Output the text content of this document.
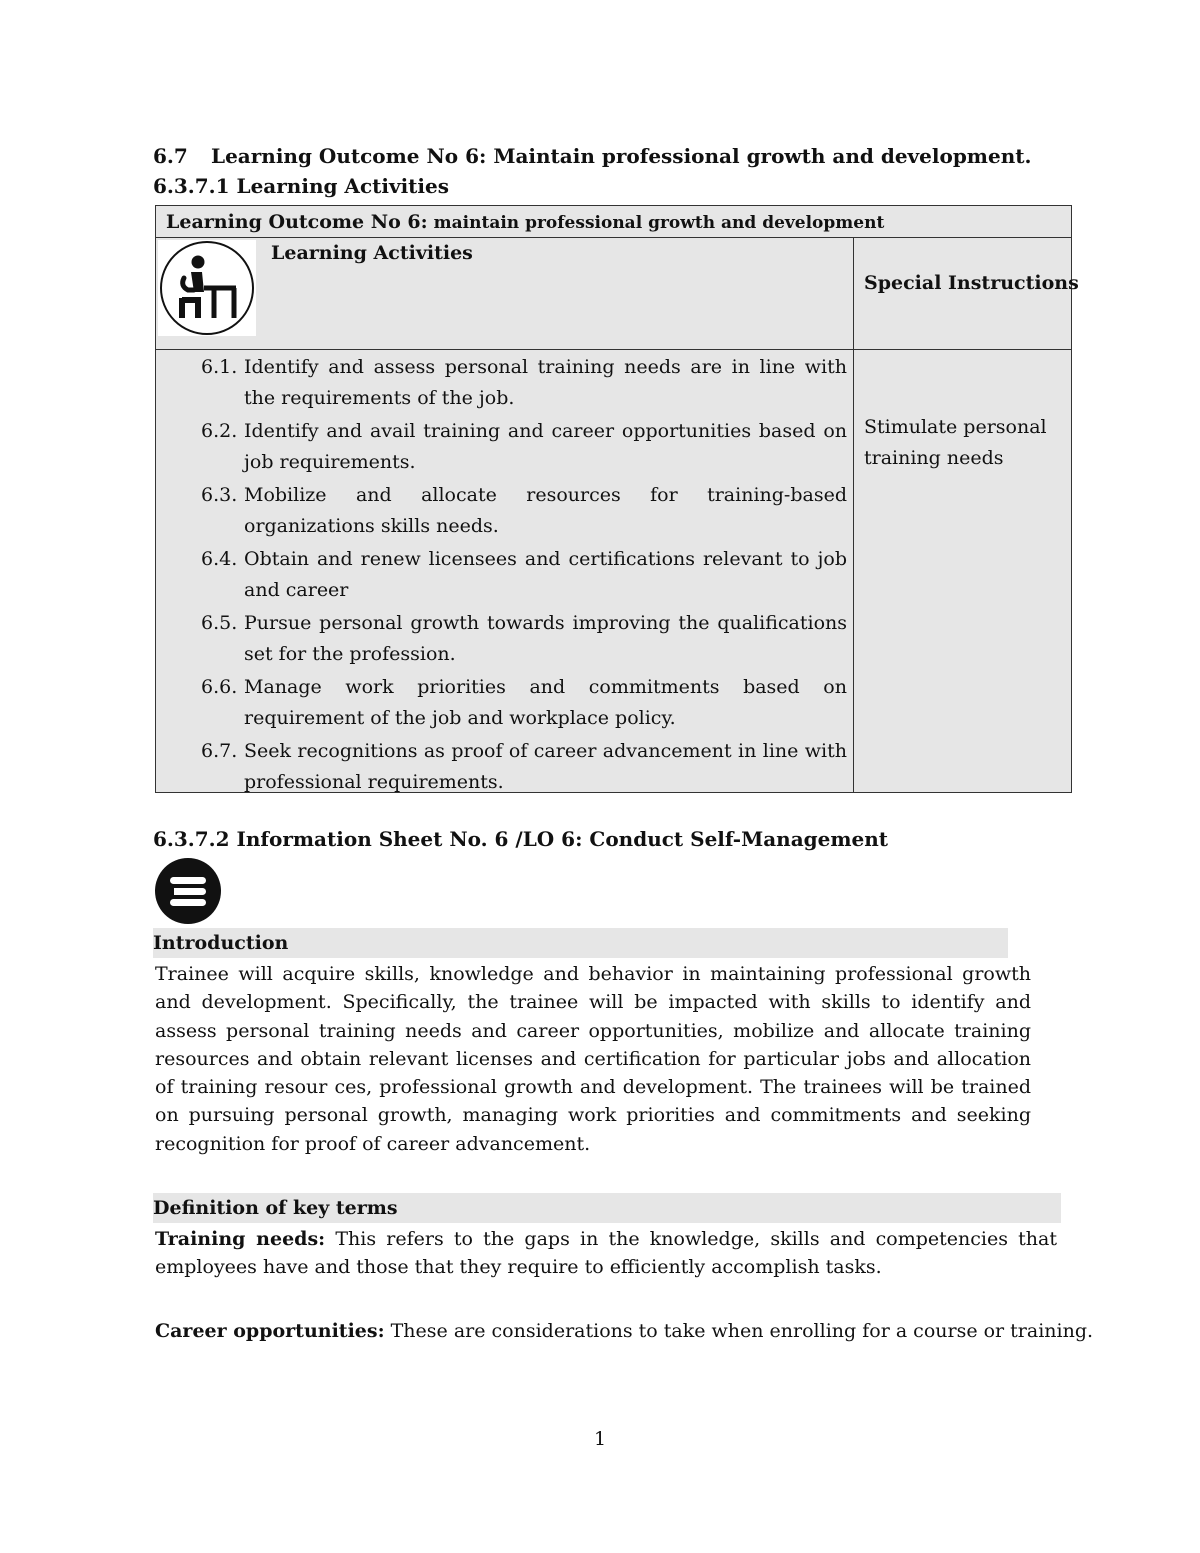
6.7 Learning Outcome No 6: Maintain professional growth and development.
6.3.7.1 Learning Activities
Learning Outcome No 6: maintain professional growth and development
Learning Activities
Special Instructions
6.1. Identify and assess personal training needs are in line with the requirements of the job.
6.2. Identify and avail training and career opportunities based on job requirements.
6.3. Mobilize and allocate resources for training-based organizations skills needs.
6.4. Obtain and renew licensees and certifications relevant to job and career
6.5. Pursue personal growth towards improving the qualifications set for the profession.
6.6. Manage work priorities and commitments based on requirement of the job and workplace policy.
6.7. Seek recognitions as proof of career advancement in line with professional requirements.
Stimulate personal training needs
6.3.7.2 Information Sheet No. 6 /LO 6: Conduct Self-Management
Introduction
Trainee will acquire skills, knowledge and behavior in maintaining professional growth and development. Specifically, the trainee will be impacted with skills to identify and assess personal training needs and career opportunities, mobilize and allocate training resources and obtain relevant licenses and certification for particular jobs and allocation of training resour ces, professional growth and development. The trainees will be trained on pursuing personal growth, managing work priorities and commitments and seeking recognition for proof of career advancement.
Definition of key terms
Training needs: This refers to the gaps in the knowledge, skills and competencies that employees have and those that they require to efficiently accomplish tasks.
Career opportunities: These are considerations to take when enrolling for a course or training.
1
